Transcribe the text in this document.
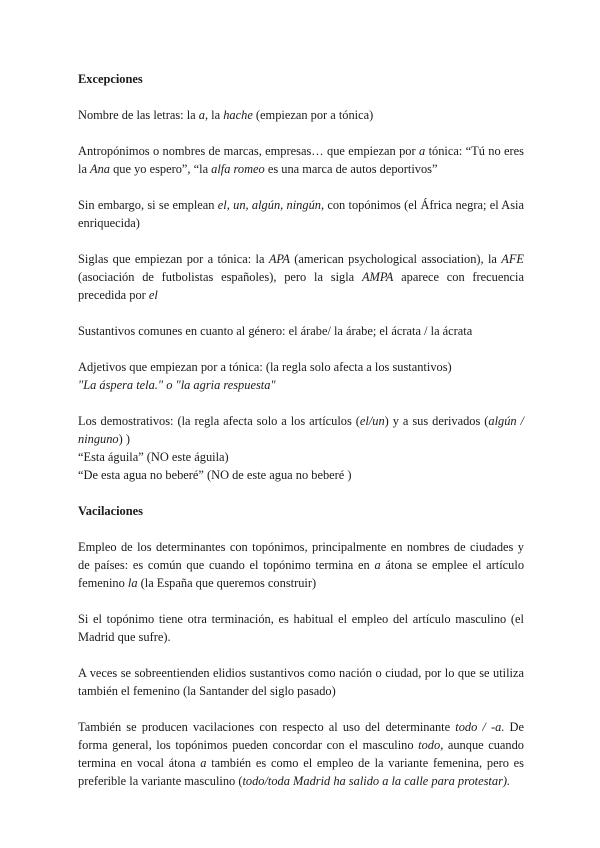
Excepciones

Nombre de las letras: la a, la hache (empiezan por a tónica)

Antropónimos o nombres de marcas, empresas… que empiezan por a tónica: “Tú no eres la Ana que yo espero”, “la alfa romeo es una marca de autos deportivos”

Sin embargo, si se emplean el, un, algún, ningún, con topónimos (el África negra; el Asia enriquecida)

Siglas que empiezan por a tónica: la APA (american psychological association), la AFE (asociación de futbolistas españoles), pero la sigla AMPA aparece con frecuencia precedida por el

Sustantivos comunes en cuanto al género: el árabe/ la árabe; el ácrata / la ácrata

Adjetivos que empiezan por a tónica: (la regla solo afecta a los sustantivos)
"La áspera tela." o "la agria respuesta"

Los demostrativos: (la regla afecta solo a los artículos (el/un) y a sus derivados (algún / ninguno) )
“Esta águila” (NO este águila)
“De esta agua no beberé” (NO de este agua no beberé )

Vacilaciones

Empleo de los determinantes con topónimos, principalmente en nombres de ciudades y de países: es común que cuando el topónimo termina en a átona se emplee el artículo femenino la (la España que queremos construir)

Si el topónimo tiene otra terminación, es habitual el empleo del artículo masculino (el Madrid que sufre).

A veces se sobreentienden elidios sustantivos como nación o ciudad, por lo que se utiliza también el femenino (la Santander del siglo pasado)

También se producen vacilaciones con respecto al uso del determinante todo / -a. De forma general, los topónimos pueden concordar con el masculino todo, aunque cuando termina en vocal átona a también es como el empleo de la variante femenina, pero es preferible la variante masculino (todo/toda Madrid ha salido a la calle para protestar).
